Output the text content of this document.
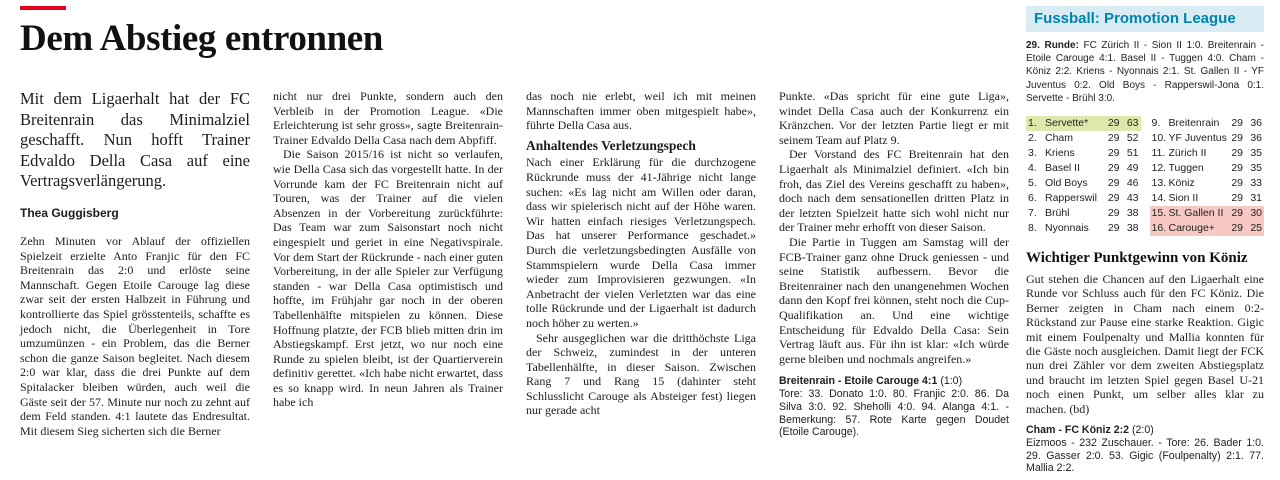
Dem Abstieg entronnen

Mit dem Ligaerhalt hat der FC Breitenrain das Minimalziel geschafft. Nun hofft Trainer Edvaldo Della Casa auf eine Vertragsverlängerung.

Thea Guggisberg

Zehn Minuten vor Ablauf der offiziellen Spielzeit erzielte Anto Franjic für den FC Breitenrain das 2:0 und erlöste seine Mannschaft. Gegen Etoile Carouge lag diese zwar seit der ersten Halbzeit in Führung und kontrollierte das Spiel grösstenteils, schaffte es jedoch nicht, die Überlegenheit in Tore umzumünzen - ein Problem, das die Berner schon die ganze Saison begleitet. Nach diesem 2:0 war klar, dass die drei Punkte auf dem Spitalacker bleiben würden, auch weil die Gäste seit der 57. Minute nur noch zu zehnt auf dem Feld standen. 4:1 lautete das Endresultat. Mit diesem Sieg sicherten sich die Berner

nicht nur drei Punkte, sondern auch den Verbleib in der Promotion League. «Die Erleichterung ist sehr gross», sagte Breitenrain-Trainer Edvaldo Della Casa nach dem Abpfiff.

Die Saison 2015/16 ist nicht so verlaufen, wie Della Casa sich das vorgestellt hatte. In der Vorrunde kam der FC Breitenrain nicht auf Touren, was der Trainer auf die vielen Absenzen in der Vorbereitung zurückführte: Das Team war zum Saisonstart noch nicht eingespielt und geriet in eine Negativspirale. Vor dem Start der Rückrunde - nach einer guten Vorbereitung, in der alle Spieler zur Verfügung standen - war Della Casa optimistisch und hoffte, im Frühjahr gar noch in der oberen Tabellenhälfte mitspielen zu können. Diese Hoffnung platzte, der FCB blieb mitten drin im Abstiegskampf. Erst jetzt, wo nur noch eine Runde zu spielen bleibt, ist der Quartierverein definitiv gerettet. «Ich habe nicht erwartet, dass es so knapp wird. In neun Jahren als Trainer habe ich

das noch nie erlebt, weil ich mit meinen Mannschaften immer oben mitgespielt habe», führte Della Casa aus.

Anhaltendes Verletzungspech

Nach einer Erklärung für die durchzogene Rückrunde muss der 41-Jährige nicht lange suchen: «Es lag nicht am Willen oder daran, dass wir spielerisch nicht auf der Höhe waren. Wir hatten einfach riesiges Verletzungspech. Das hat unserer Performance geschadet.» Durch die verletzungsbedingten Ausfälle von Stammspielern wurde Della Casa immer wieder zum Improvisieren gezwungen. «In Anbetracht der vielen Verletzten war das eine tolle Rückrunde und der Ligaerhalt ist dadurch noch höher zu werten.»

Sehr ausgeglichen war die dritthöchste Liga der Schweiz, zumindest in der unteren Tabellenhälfte, in dieser Saison. Zwischen Rang 7 und Rang 15 (dahinter steht Schlusslicht Carouge als Absteiger fest) liegen nur gerade acht

Punkte. «Das spricht für eine gute Liga», windet Della Casa auch der Konkurrenz ein Kränzchen. Vor der letzten Partie liegt er mit seinem Team auf Platz 9.

Der Vorstand des FC Breitenrain hat den Ligaerhalt als Minimalziel definiert. «Ich bin froh, das Ziel des Vereins geschafft zu haben», doch nach dem sensationellen dritten Platz in der letzten Spielzeit hatte sich wohl nicht nur der Trainer mehr erhofft von dieser Saison.

Die Partie in Tuggen am Samstag will der FCB-Trainer ganz ohne Druck geniessen - und seine Statistik aufbessern. Bevor die Breitenrainer nach den unangenehmen Wochen dann den Kopf frei können, steht noch die Cup-Qualifikation an. Und eine wichtige Entscheidung für Edvaldo Della Casa: Sein Vertrag läuft aus. Für ihn ist klar: «Ich würde gerne bleiben und nochmals angreifen.»

Breitenrain - Etoile Carouge 4:1 (1:0)

Tore: 33. Donato 1:0. 80. Franjic 2:0. 86. Da Silva 3:0. 92. Sheholli 4:0. 94. Alanga 4:1. - Bemerkung: 57. Rote Karte gegen Doudet (Etoile Carouge).

Fussball: Promotion League

29. Runde: FC Zürich II - Sion II 1:0. Breitenrain - Etoile Carouge 4:1. Basel II - Tuggen 4:0. Cham - Köniz 2:2. Kriens - Nyonnais 2:1. St. Gallen II - YF Juventus 0:2. Old Boys - Rapperswil-Jona 0:1. Servette - Brühl 3:0.

1. Servette*	29 63
2. Cham	29 52
3. Kriens	29 51
4. Basel II	29 49
5. Old Boys	29 46
6. Rapperswil	29 43
7. Brühl	29 38
8. Nyonnais	29 38
9. Breitenrain	29 36
10. YF Juventus 29 36
11. Zürich II	29 35
12. Tuggen	29 35
13. Köniz	29 33
14. Sion II	29 31
15. St. Gallen II 29 30
16. Carouge+	29 25
Wichtiger Punktgewinn von Köniz

Gut stehen die Chancen auf den Ligaerhalt eine Runde vor Schluss auch für den FC Köniz. Die Berner zeigten in Cham nach einem 0:2-Rückstand zur Pause eine starke Reaktion. Gigic mit einem Foulpenalty und Mallia konnten für die Gäste noch ausgleichen. Damit liegt der FCK nun drei Zähler vor dem zweiten Abstiegsplatz und braucht im letzten Spiel gegen Basel U-21 noch einen Punkt, um selber alles klar zu machen. (bd)

Cham - FC Köniz 2:2 (2:0)

Eizmoos - 232 Zuschauer. - Tore: 26. Bader 1:0. 29. Gasser 2:0. 53. Gigic (Foulpenalty) 2:1. 77. Mallia 2:2.
